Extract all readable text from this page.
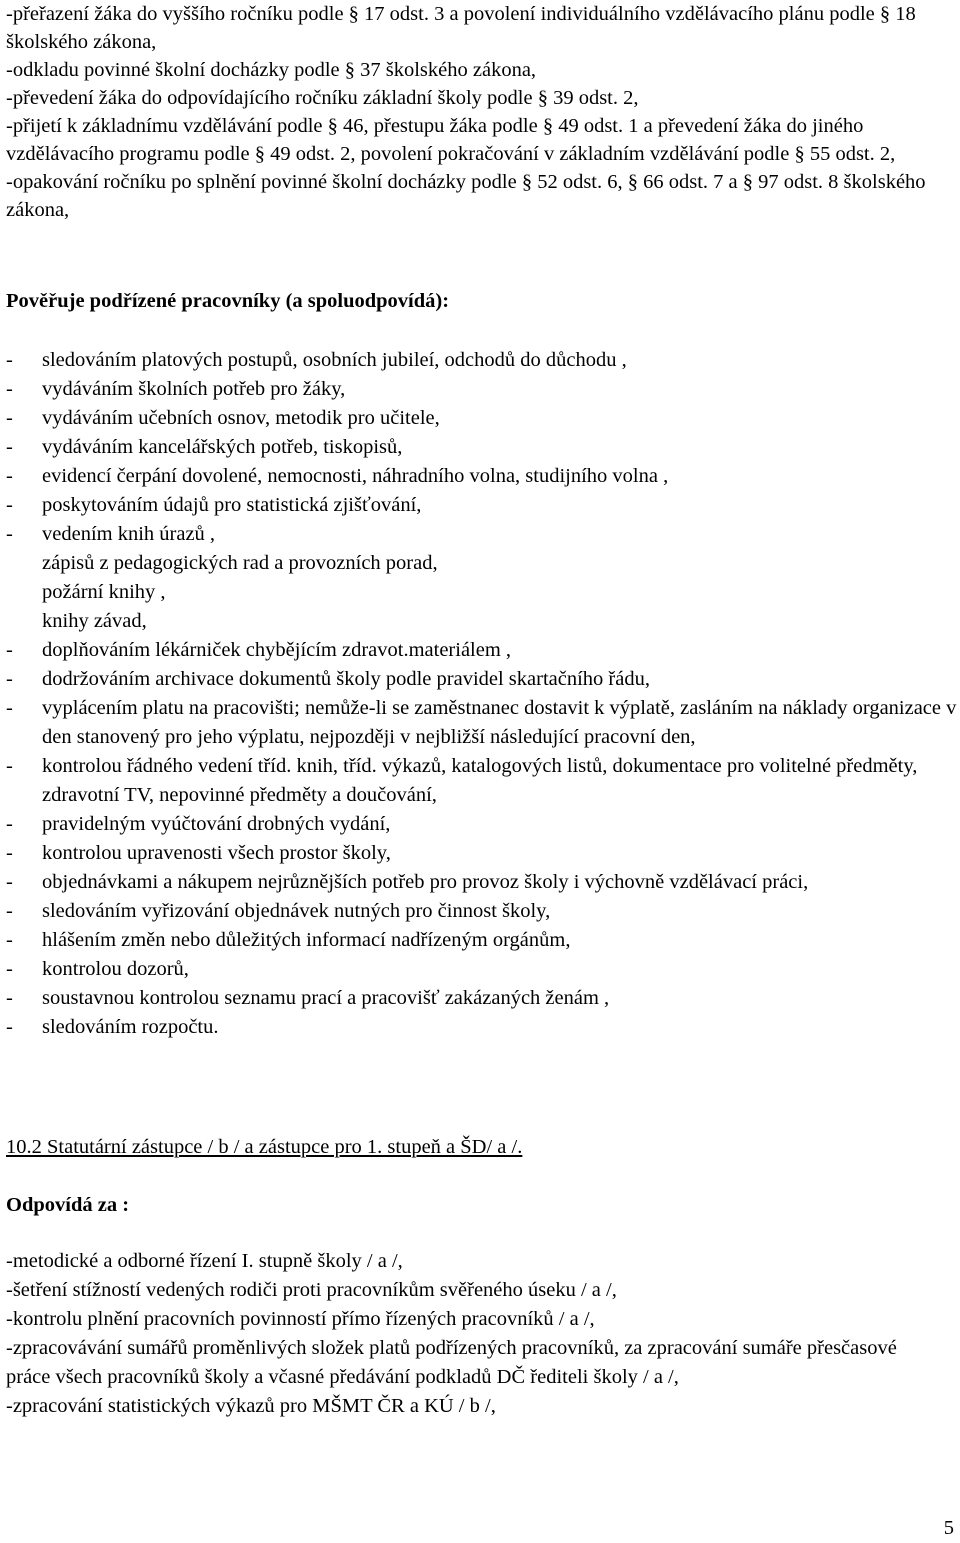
-přeřazení žáka do vyššího ročníku podle § 17 odst. 3 a povolení individuálního vzdělávacího plánu podle § 18 školského zákona,

-odkladu povinné školní docházky podle § 37 školského zákona,

-převedení žáka do odpovídajícího ročníku základní školy podle § 39 odst. 2,

-přijetí k základnímu vzdělávání podle § 46, přestupu žáka podle § 49 odst. 1 a převedení žáka do jiného vzdělávacího programu podle § 49 odst. 2, povolení pokračování v základním vzdělávání podle § 55 odst. 2,

-opakování ročníku po splnění povinné školní docházky podle § 52 odst. 6, § 66 odst. 7 a § 97 odst. 8 školského zákona,

Pověřuje podřízené pracovníky (a spoluodpovídá):
-	sledováním platových postupů, osobních jubileí, odchodů do důchodu ,
-	vydáváním školních potřeb pro žáky,
-	vydáváním učebních osnov, metodik pro učitele,
-	vydáváním kancelářských potřeb, tiskopisů,
-	evidencí čerpání dovolené, nemocnosti, náhradního volna, studijního volna ,
-	poskytováním údajů pro statistická zjišťování,
-	vedením knih úrazů ,
zápisů z pedagogických rad a provozních porad,
požární knihy ,
knihy závad,
-	doplňováním lékárniček chybějícím zdravot.materiálem ,
-	dodržováním archivace dokumentů školy podle pravidel skartačního řádu,
-	vyplácením platu na pracovišti; nemůže-li se zaměstnanec dostavit k výplatě, zasláním na náklady organizace v den stanovený pro jeho výplatu, nejpozději v nejbližší následující pracovní den,
-	kontrolou řádného vedení tříd. knih, tříd. výkazů, katalogových listů, dokumentace pro volitelné předměty, zdravotní TV, nepovinné předměty a doučování,
-	pravidelným vyúčtování drobných vydání,
-	kontrolou upravenosti všech prostor školy,
-	objednávkami a nákupem nejrůznějších potřeb pro provoz školy i výchovně vzdělávací práci,
-	sledováním vyřizování objednávek nutných pro činnost školy,
-	hlášením změn nebo důležitých informací nadřízeným orgánům,
-	kontrolou dozorů,
-	soustavnou kontrolou seznamu prací a pracovišť zakázaných ženám ,
-	sledováním rozpočtu.
10.2 Statutární zástupce / b / a zástupce pro 1. stupeň a ŠD/ a /.
Odpovídá za :

-metodické a odborné řízení I. stupně školy / a /,

-šetření stížností vedených rodiči proti pracovníkům svěřeného úseku / a /,

-kontrolu plnění pracovních povinností přímo řízených pracovníků / a /,

-zpracovávání sumářů proměnlivých složek platů podřízených pracovníků, za zpracování sumáře přesčasové práce všech pracovníků školy a včasné předávání podkladů DČ řediteli školy / a /,

-zpracování statistických výkazů pro MŠMT ČR a KÚ / b /,

5
